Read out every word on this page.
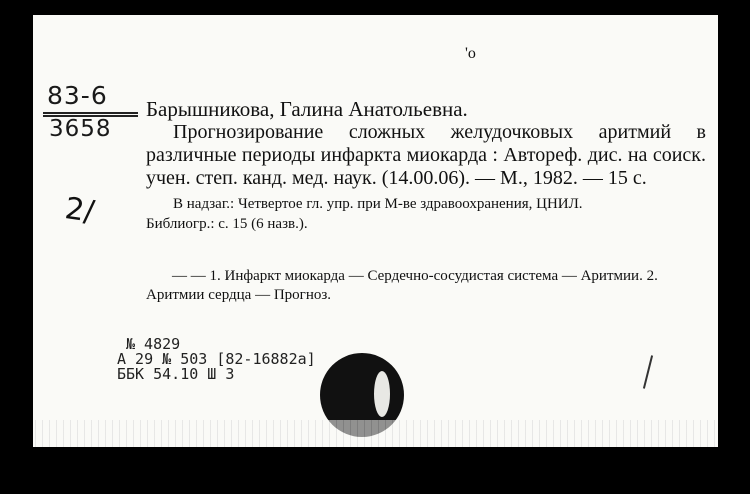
83-6
3658
2/
'o

Барышникова, Галина Анатольевна.

Прогнозирование сложных желудочковых аритмий в различные периоды инфаркта миокарда : Автореф. дис. на соиск. учен. степ. канд. мед. наук. (14.00.06). — М., 1982. — 15 с.

В надзаг.: Четвертое гл. упр. при М-ве здравоохранения, ЦНИЛ.

Библиогр.: с. 15 (6 назв.).

— — 1. Инфаркт миокарда — Сердечно-сосудистая система — Аритмии. 2. Аритмии сердца — Прогноз.

№ 4829
А 29 № 503 [82-16882а]
ББК 54.10 Ш 3
